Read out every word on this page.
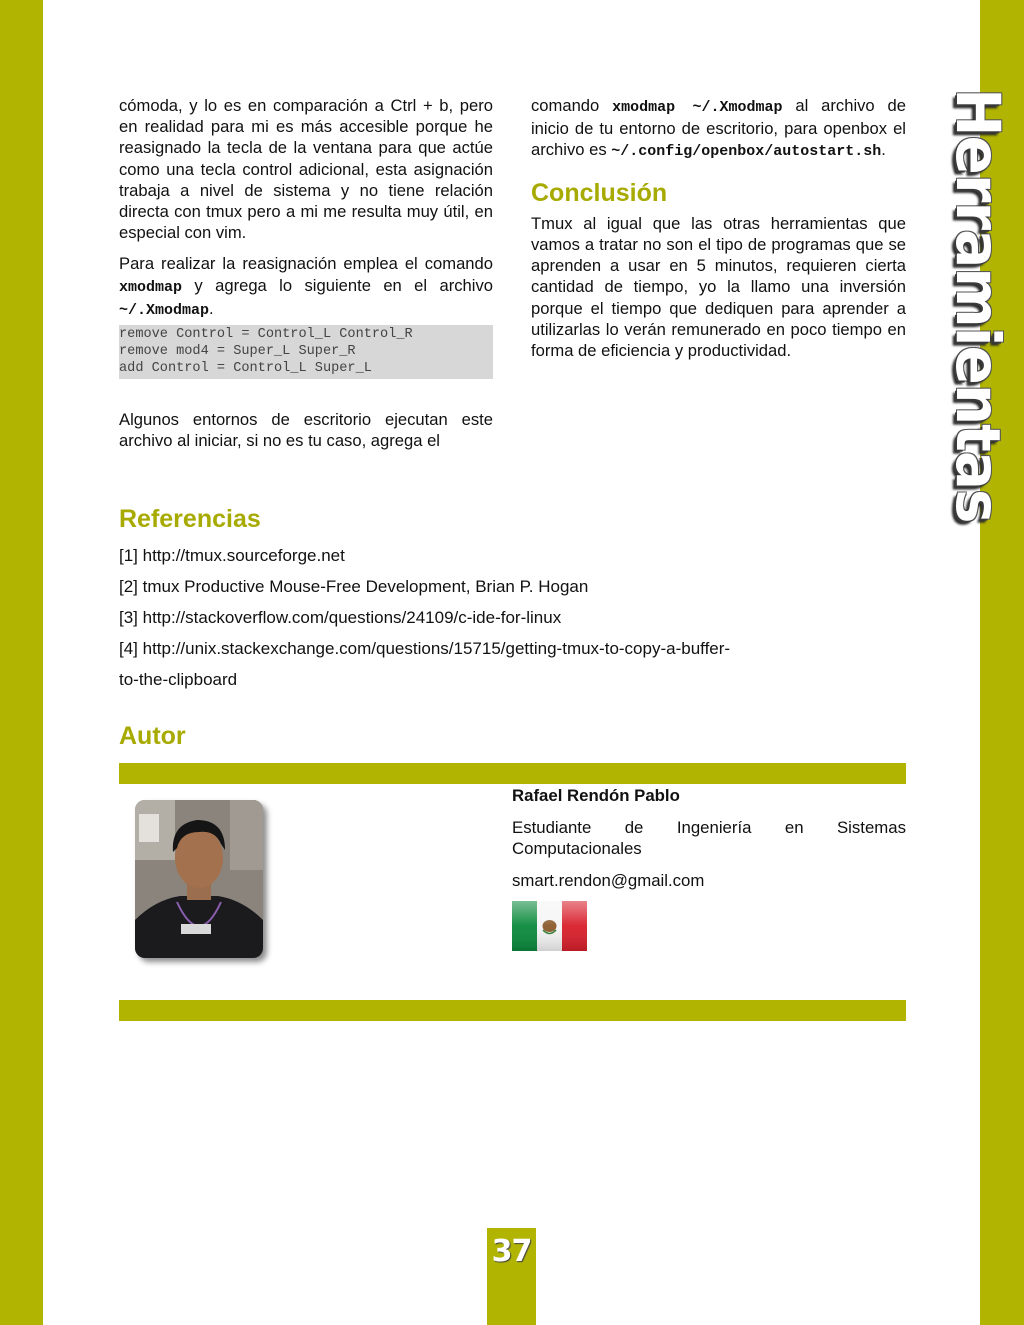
Herramientas

cómoda, y lo es en comparación a Ctrl + b, pero en realidad para mi es más accesible porque he reasignado la tecla de la ventana para que actúe como una tecla control adicional, esta asignación trabaja a nivel de sistema y no tiene relación directa con tmux pero a mi me resulta muy útil, en especial con vim.

Para realizar la reasignación emplea el comando xmodmap y agrega lo siguiente en el archivo ~/.Xmodmap.

remove Control = Control_L Control_R
remove mod4 = Super_L Super_R
add Control = Control_L Super_L

Algunos entornos de escritorio ejecutan este archivo al iniciar, si no es tu caso, agrega el

comando xmodmap ~/.Xmodmap al archivo de inicio de tu entorno de escritorio, para openbox el archivo es ~/.config/openbox/autostart.sh.

Conclusión

Tmux al igual que las otras herramientas que vamos a tratar no son el tipo de programas que se aprenden a usar en 5 minutos, requieren cierta cantidad de tiempo, yo la llamo una inversión porque el tiempo que dediquen para aprender a utilizarlas lo verán remunerado en poco tiempo en forma de eficiencia y productividad.

Referencias
[1] http://tmux.sourceforge.net
[2] tmux Productive Mouse-Free Development, Brian P. Hogan
[3] http://stackoverflow.com/questions/24109/c-ide-for-linux
[4] http://unix.stackexchange.com/questions/15715/getting-tmux-to-copy-a-buffer-
to-the-clipboard
Autor

Rafael Rendón Pablo

Estudiante de Ingeniería en Sistemas Computacionales

smart.rendon@gmail.com

37
